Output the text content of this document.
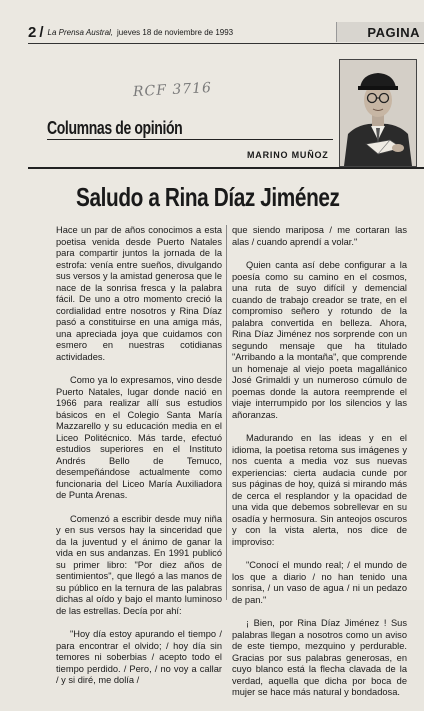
2 / La Prensa Austral, jueves 18 de noviembre de 1993	PAGINA
RCF 3716
Columnas de opinión
MARINO MUÑOZ
Saludo a Rina Díaz Jiménez

Hace un par de años conocimos a esta poetisa venida desde Puerto Natales para compartir juntos la jornada de la estrofa: venía entre sueños, divulgando sus versos y la amistad generosa que le nace de la sonrisa fresca y la palabra fácil. De uno a otro momento creció la cordialidad entre nosotros y Rina Díaz pasó a constituirse en una amiga más, una apreciada joya que cuidamos con esmero en nuestras cotidianas actividades.

Como ya lo expresamos, vino desde Puerto Natales, lugar donde nació en 1966 para realizar allí sus estudios básicos en el Colegio Santa María Mazzarello y su educación media en el Liceo Politécnico. Más tarde, efectuó estudios superiores en el Instituto Andrés Bello de Temuco, desempeñándose actualmente como funcionaria del Liceo María Auxiliadora de Punta Arenas.

Comenzó a escribir desde muy niña y en sus versos hay la sinceridad que da la juventud y el ánimo de ganar la vida en sus andanzas. En 1991 publicó su primer libro: "Por diez años de sentimientos", que llegó a las manos de su público en la ternura de las palabras dichas al oído y bajo el manto luminoso de las estrellas. Decía por ahí:

"Hoy día estoy apurando el tiempo / para encontrar el olvido; / hoy día sin temores ni soberbias / acepto todo el tiempo perdido. / Pero, / no voy a callar / y si diré, me dolía /

que siendo mariposa / me cortaran las alas / cuando aprendí a volar."

Quien canta así debe configurar a la poesía como su camino en el cosmos, una ruta de suyo difícil y demencial cuando de trabajo creador se trate, en el compromiso señero y rotundo de la palabra convertida en belleza. Ahora, Rina Díaz Jiménez nos sorprende con un segundo mensaje que ha titulado "Arribando a la montaña", que comprende un homenaje al viejo poeta magallánico José Grimaldi y un numeroso cúmulo de poemas donde la autora reemprende el viaje interrumpido por los silencios y las añoranzas.

Madurando en las ideas y en el idioma, la poetisa retoma sus imágenes y nos cuenta a media voz sus nuevas experiencias: cierta audacia cunde por sus páginas de hoy, quizá si mirando más de cerca el resplandor y la opacidad de una vida que debemos sobrellevar en su osadía y hermosura. Sin anteojos oscuros y con la vista alerta, nos dice de improviso:

"Conocí el mundo real; / el mundo de los que a diario / no han tenido una sonrisa, / un vaso de agua / ni un pedazo de pan."

¡ Bien, por Rina Díaz Jiménez ! Sus palabras llegan a nosotros como un aviso de este tiempo, mezquino y perdurable. Gracias por sus palabras generosas, en cuyo blanco está la flecha clavada de la verdad, aquella que dicha por boca de mujer se hace más natural y bondadosa.
